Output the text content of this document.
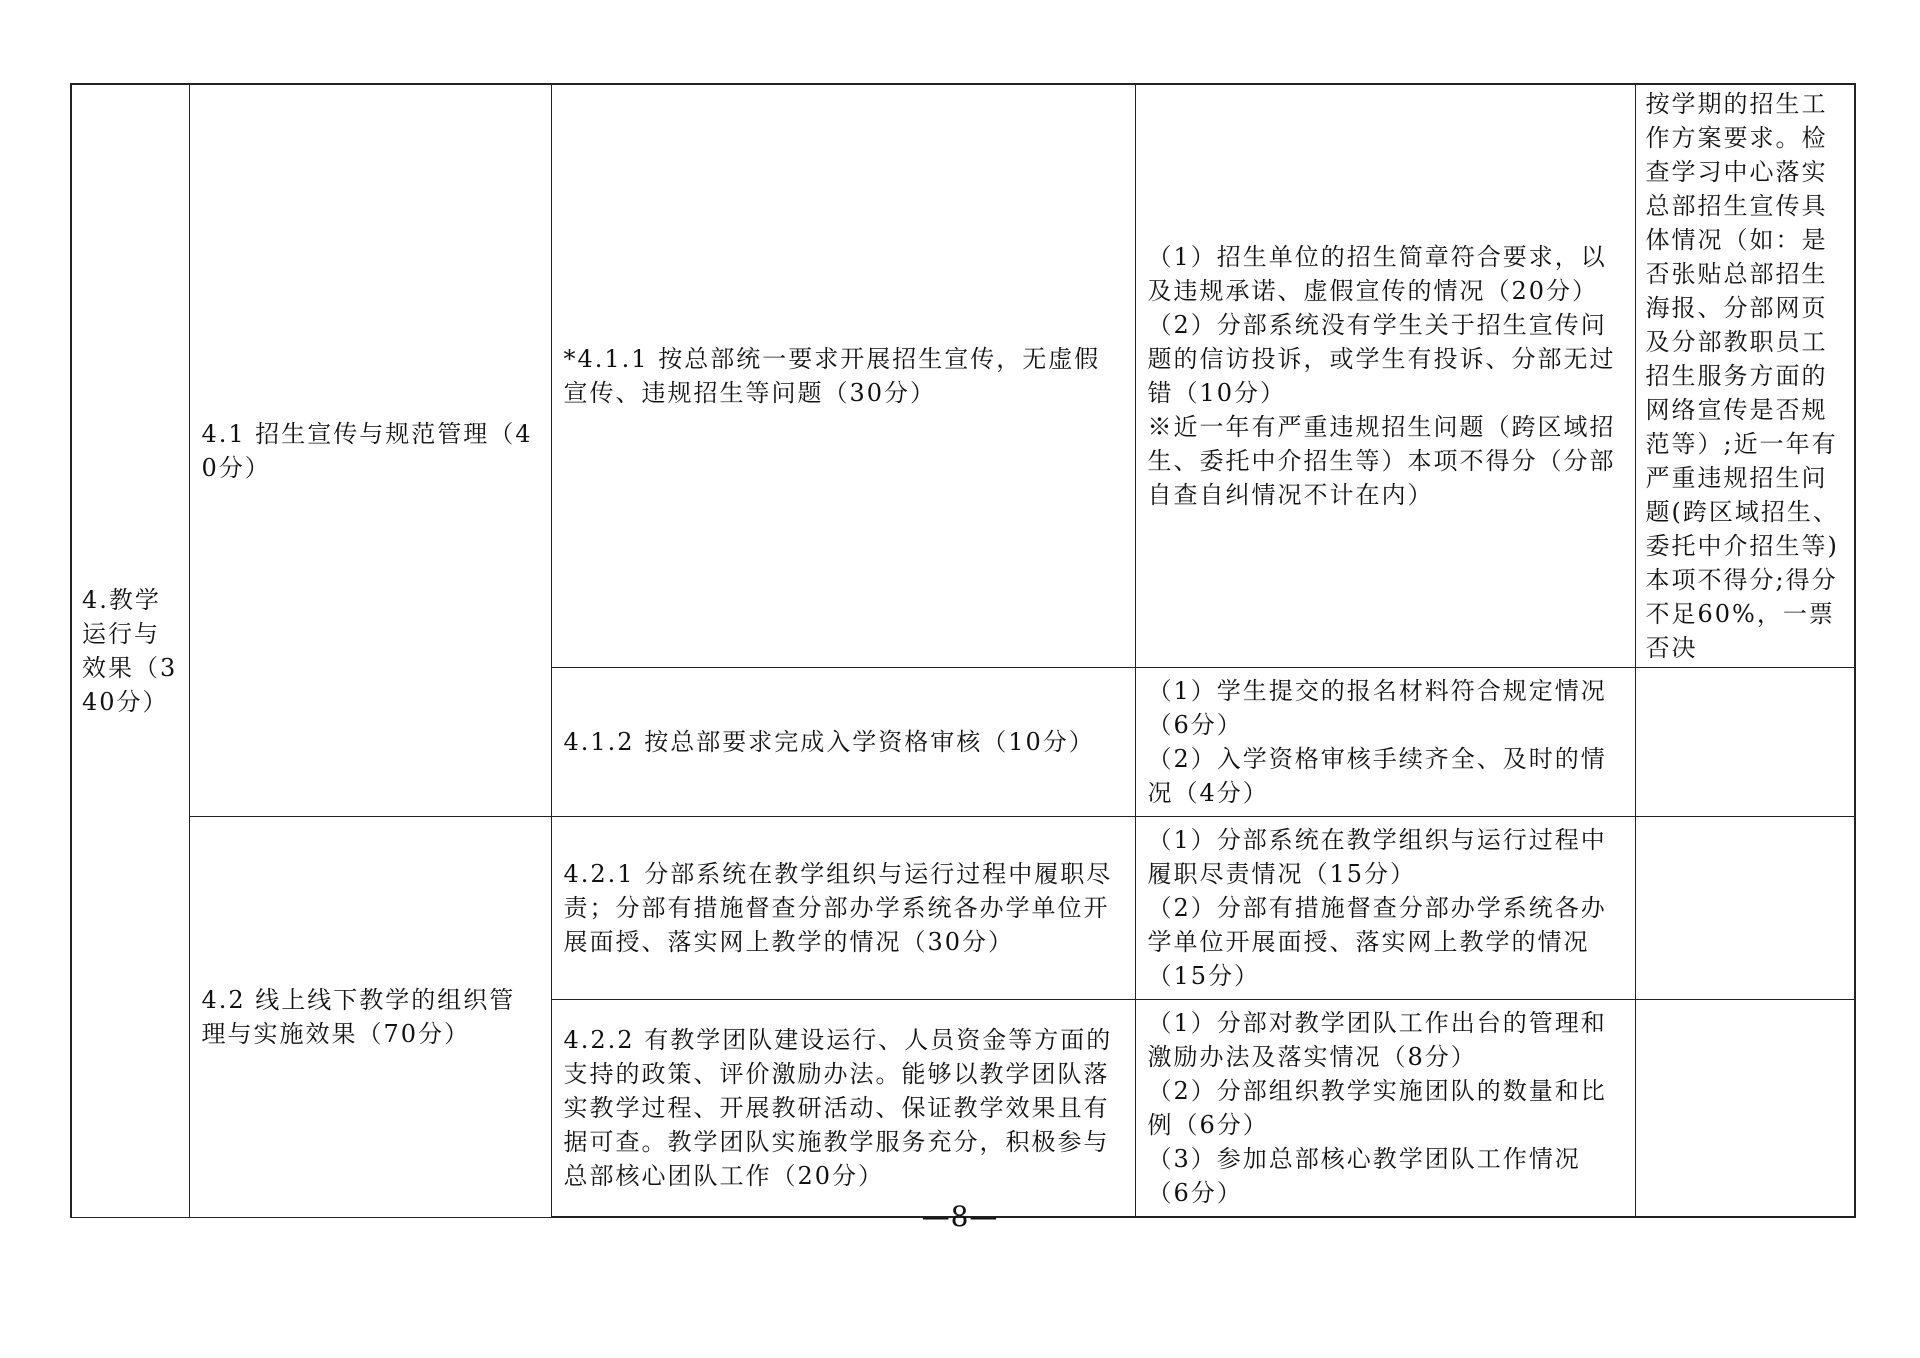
4.教学运行与效果（340分）	4.1 招生宣传与规范管理（40分）	*4.1.1 按总部统一要求开展招生宣传，无虚假宣传、违规招生等问题（30分）	（1）招生单位的招生简章符合要求，以及违规承诺、虚假宣传的情况（20分）
（2）分部系统没有学生关于招生宣传问题的信访投诉，或学生有投诉、分部无过错（10分）
※近一年有严重违规招生问题（跨区域招生、委托中介招生等）本项不得分（分部自查自纠情况不计在内）	按学期的招生工作方案要求。检查学习中心落实总部招生宣传具体情况（如：是否张贴总部招生海报、分部网页及分部教职员工招生服务方面的网络宣传是否规范等）;近一年有严重违规招生问题(跨区域招生、委托中介招生等)本项不得分;得分不足60%，一票否决
		4.1.2 按总部要求完成入学资格审核（10分）	（1）学生提交的报名材料符合规定情况（6分）
（2）入学资格审核手续齐全、及时的情况（4分）	

	4.2 线上线下教学的组织管理与实施效果（70分）	4.2.1 分部系统在教学组织与运行过程中履职尽责；分部有措施督查分部办学系统各办学单位开展面授、落实网上教学的情况（30分）	（1）分部系统在教学组织与运行过程中履职尽责情况（15分）
（2）分部有措施督查分部办学系统各办学单位开展面授、落实网上教学的情况（15分）	

		4.2.2 有教学团队建设运行、人员资金等方面的支持的政策、评价激励办法。能够以教学团队落实教学过程、开展教研活动、保证教学效果且有据可查。教学团队实施教学服务充分，积极参与总部核心团队工作（20分）	（1）分部对教学团队工作出台的管理和激励办法及落实情况（8分）
（2）分部组织教学实施团队的数量和比例（6分）
（3）参加总部核心教学团队工作情况（6分）	

—8—
